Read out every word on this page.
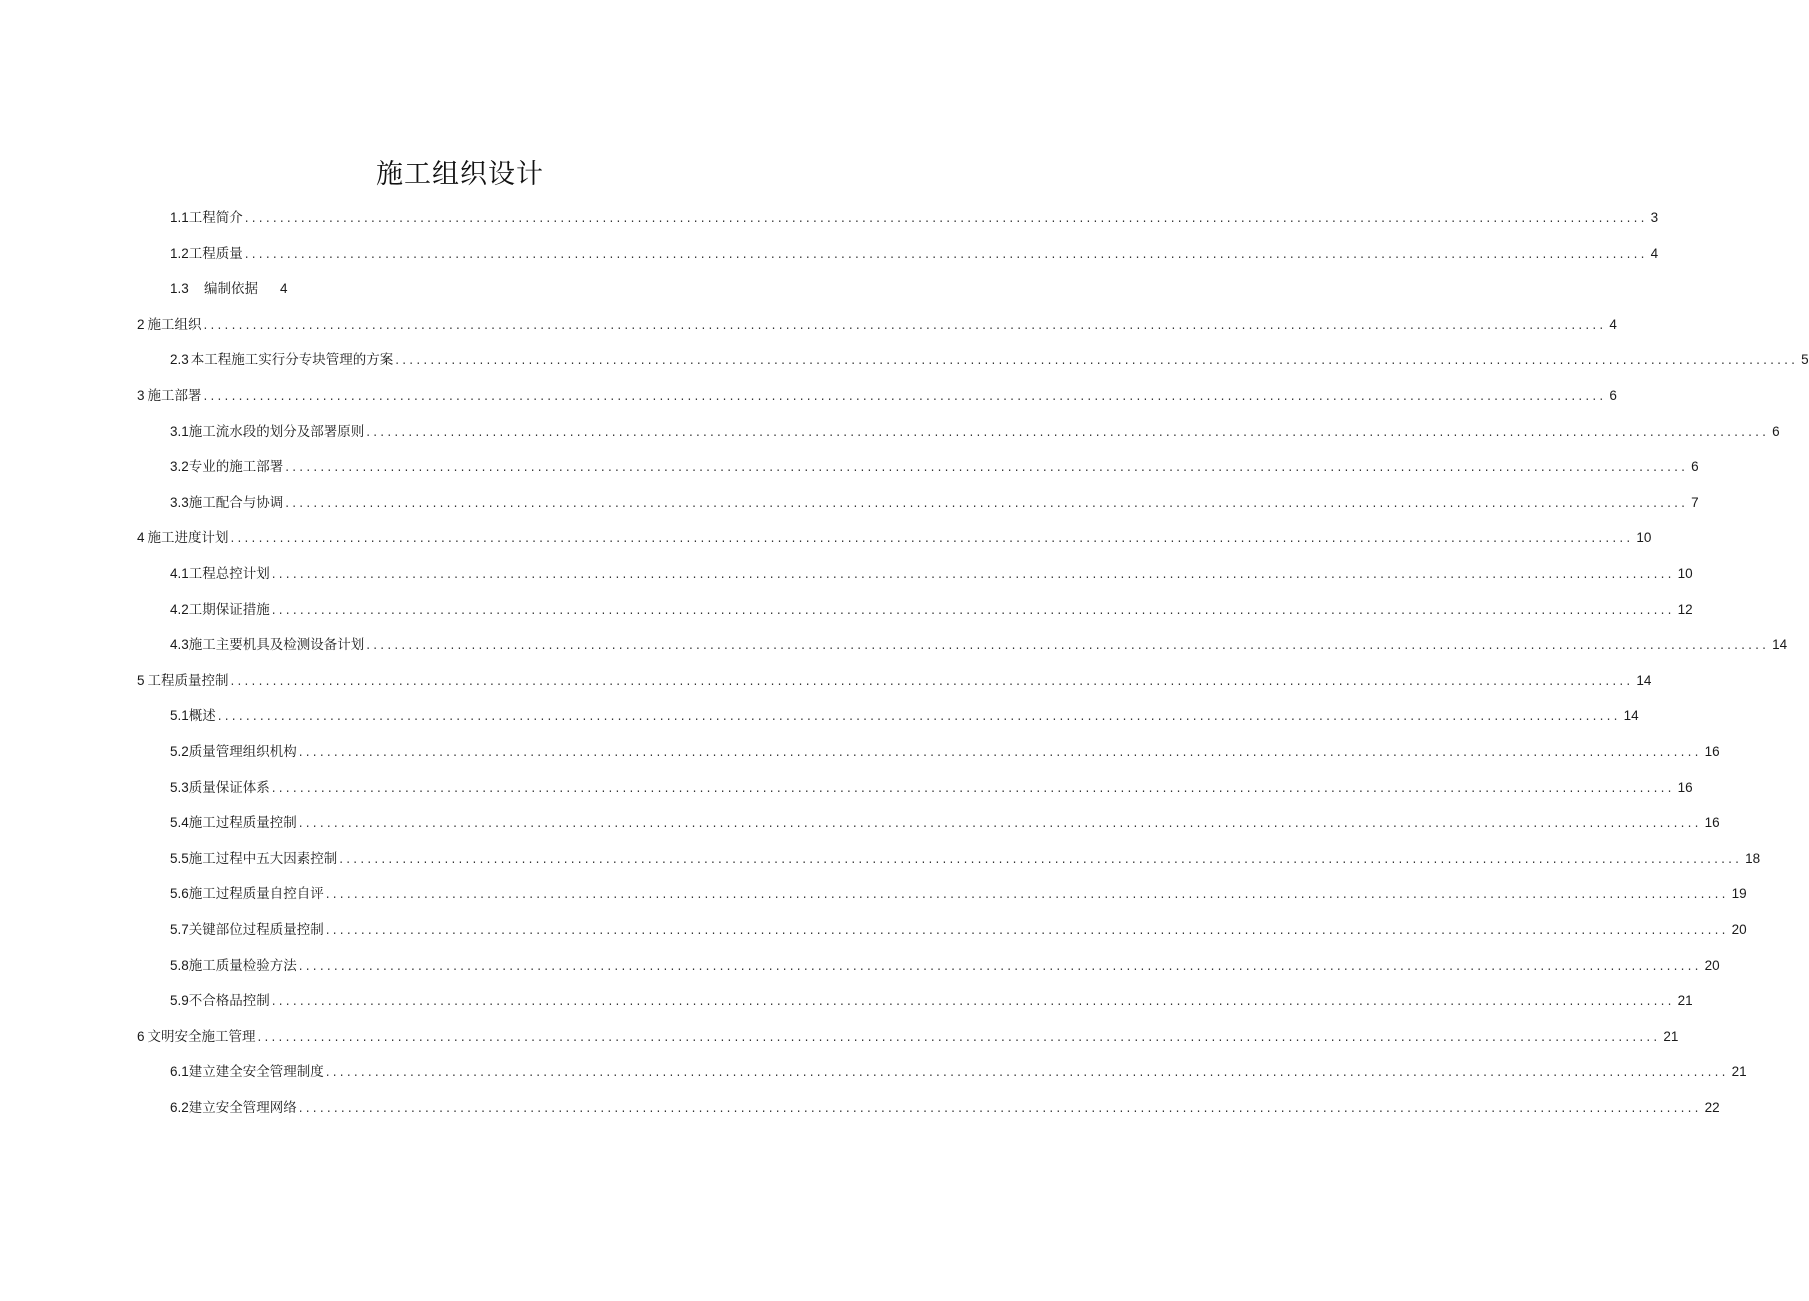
施工组织设计
1.1 工程简介 ........................................................................................................................................................................................................ 3
1.2 工程质量 ........................................................................................................................................................................................................ 4
1.3	编制依据 4
2 施工组织 ........................................................................................................................................................................................................ 4
2.3 本工程施工实行分专块管理的方案 ........................................................................................................................................................................................................ 5
3 施工部署 ........................................................................................................................................................................................................ 6
3.1 施工流水段的划分及部署原则 ........................................................................................................................................................................................................ 6
3.2 专业的施工部署 ........................................................................................................................................................................................................ 6
3.3 施工配合与协调 ........................................................................................................................................................................................................ 7
4 施工进度计划 ........................................................................................................................................................................................................ 10
4.1 工程总控计划 ........................................................................................................................................................................................................ 10
4.2 工期保证措施 ........................................................................................................................................................................................................ 12
4.3 施工主要机具及检测设备计划 ........................................................................................................................................................................................................ 14
5 工程质量控制 ........................................................................................................................................................................................................ 14
5.1 概述 ........................................................................................................................................................................................................ 14
5.2 质量管理组织机构 ........................................................................................................................................................................................................ 16
5.3 质量保证体系 ........................................................................................................................................................................................................ 16
5.4 施工过程质量控制 ........................................................................................................................................................................................................ 16
5.5 施工过程中五大因素控制 ........................................................................................................................................................................................................ 18
5.6 施工过程质量自控自评 ........................................................................................................................................................................................................ 19
5.7 关键部位过程质量控制 ........................................................................................................................................................................................................ 20
5.8 施工质量检验方法 ........................................................................................................................................................................................................ 20
5.9 不合格品控制 ........................................................................................................................................................................................................ 21
6 文明安全施工管理 ........................................................................................................................................................................................................ 21
6.1 建立建全安全管理制度 ........................................................................................................................................................................................................ 21
6.2 建立安全管理网络 ........................................................................................................................................................................................................ 22
